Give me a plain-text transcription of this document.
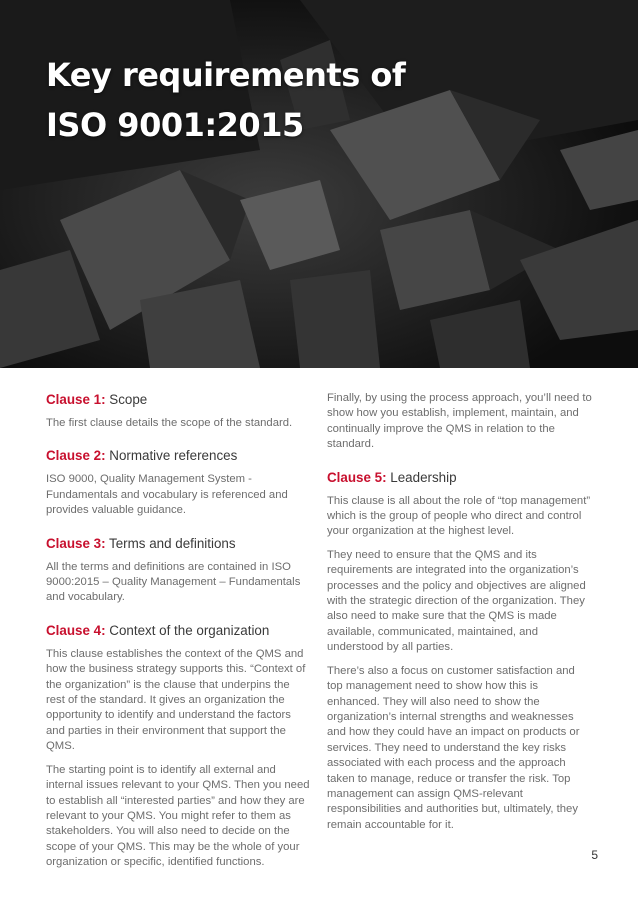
Key requirements of
ISO 9001:2015
Clause 1: Scope

The first clause details the scope of the standard.

Clause 2: Normative references

ISO 9000, Quality Management System - Fundamentals and vocabulary is referenced and provides valuable guidance.

Clause 3: Terms and definitions

All the terms and definitions are contained in ISO 9000:2015 – Quality Management – Fundamentals and vocabulary.

Clause 4: Context of the organization

This clause establishes the context of the QMS and how the business strategy supports this. “Context of the organization” is the clause that underpins the rest of the standard. It gives an organization the opportunity to identify and understand the factors and parties in their environment that support the QMS.

The starting point is to identify all external and internal issues relevant to your QMS. Then you need to establish all “interested parties” and how they are relevant to your QMS. You might refer to them as stakeholders. You will also need to decide on the scope of your QMS. This may be the whole of your organization or specific, identified functions.

Finally, by using the process approach, you’ll need to show how you establish, implement, maintain, and continually improve the QMS in relation to the standard.

Clause 5: Leadership

This clause is all about the role of “top management” which is the group of people who direct and control your organization at the highest level.

They need to ensure that the QMS and its requirements are integrated into the organization’s processes and the policy and objectives are aligned with the strategic direction of the organization. They also need to make sure that the QMS is made available, communicated, maintained, and understood by all parties.

There’s also a focus on customer satisfaction and top management need to show how this is enhanced. They will also need to show the organization’s internal strengths and weaknesses and how they could have an impact on products or services. They need to understand the key risks associated with each process and the approach taken to manage, reduce or transfer the risk. Top management can assign QMS-relevant responsibilities and authorities but, ultimately, they remain accountable for it.

5
